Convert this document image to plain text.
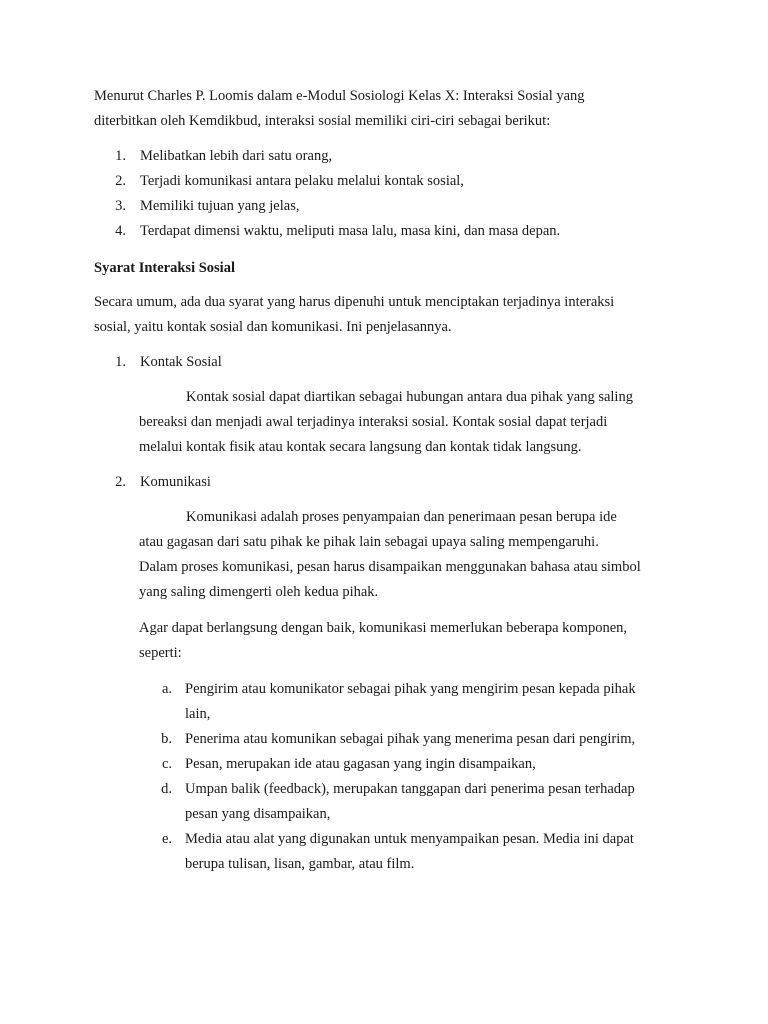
Menurut Charles P. Loomis dalam e-Modul Sosiologi Kelas X: Interaksi Sosial yang
diterbitkan oleh Kemdikbud, interaksi sosial memiliki ciri-ciri sebagai berikut:

1. Melibatkan lebih dari satu orang,
2. Terjadi komunikasi antara pelaku melalui kontak sosial,
3. Memiliki tujuan yang jelas,
4. Terdapat dimensi waktu, meliputi masa lalu, masa kini, dan masa depan.
Syarat Interaksi Sosial

Secara umum, ada dua syarat yang harus dipenuhi untuk menciptakan terjadinya interaksi
sosial, yaitu kontak sosial dan komunikasi. Ini penjelasannya.

1. Kontak Sosial

Kontak sosial dapat diartikan sebagai hubungan antara dua pihak yang saling
bereaksi dan menjadi awal terjadinya interaksi sosial. Kontak sosial dapat terjadi
melalui kontak fisik atau kontak secara langsung dan kontak tidak langsung.

2. Komunikasi

Komunikasi adalah proses penyampaian dan penerimaan pesan berupa ide
atau gagasan dari satu pihak ke pihak lain sebagai upaya saling mempengaruhi.
Dalam proses komunikasi, pesan harus disampaikan menggunakan bahasa atau simbol
yang saling dimengerti oleh kedua pihak.

Agar dapat berlangsung dengan baik, komunikasi memerlukan beberapa komponen,
seperti:

a. Pengirim atau komunikator sebagai pihak yang mengirim pesan kepada pihak
lain,
b. Penerima atau komunikan sebagai pihak yang menerima pesan dari pengirim,
c. Pesan, merupakan ide atau gagasan yang ingin disampaikan,
d. Umpan balik (feedback), merupakan tanggapan dari penerima pesan terhadap
pesan yang disampaikan,
e. Media atau alat yang digunakan untuk menyampaikan pesan. Media ini dapat
berupa tulisan, lisan, gambar, atau film.
